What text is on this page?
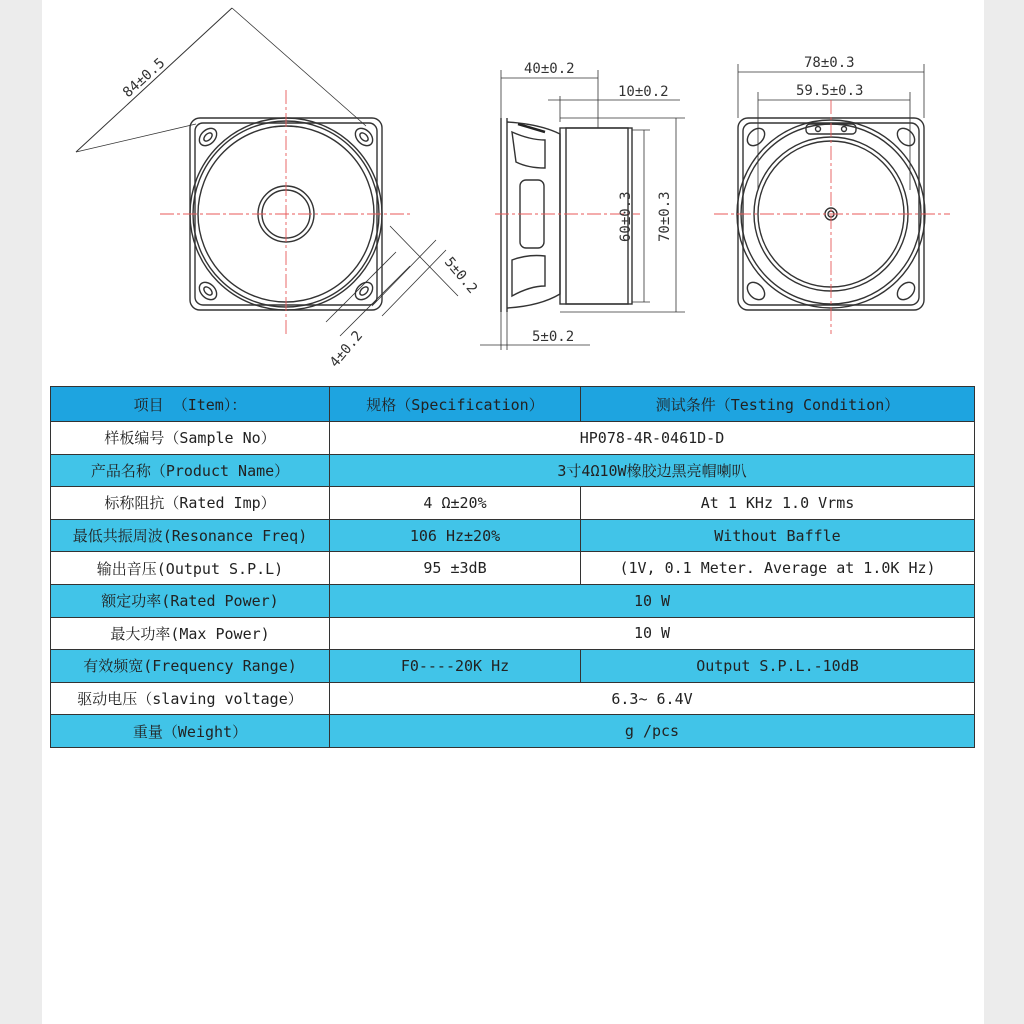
84±0.5
5±0.2
4±0.2
40±0.2
10±0.2
60±0.3 70±0.3
5±0.2
78±0.3
59.5±0.3
项目 （Item）：	规格（Specification）	测试条件（Testing Condition）
样板编号（Sample No）	HP078-4R-0461D-D	
产品名称（Product Name）	3寸4Ω10W橡胶边黑亮帽喇叭	
标称阻抗（Rated Imp）	4 Ω±20%	At 1 KHz 1.0 Vrms
最低共振周波(Resonance Freq)	106 Hz±20%	Without Baffle
输出音压(Output S.P.L)	95 ±3dB	(1V, 0.1 Meter. Average at 1.0K Hz)
额定功率(Rated Power)	10 W	
最大功率(Max Power)	10 W	
有效频宽(Frequency Range)	F0----20K Hz	Output S.P.L.-10dB
驱动电压（slaving voltage）	6.3~ 6.4V	
重量（Weight）	g /pcs	
